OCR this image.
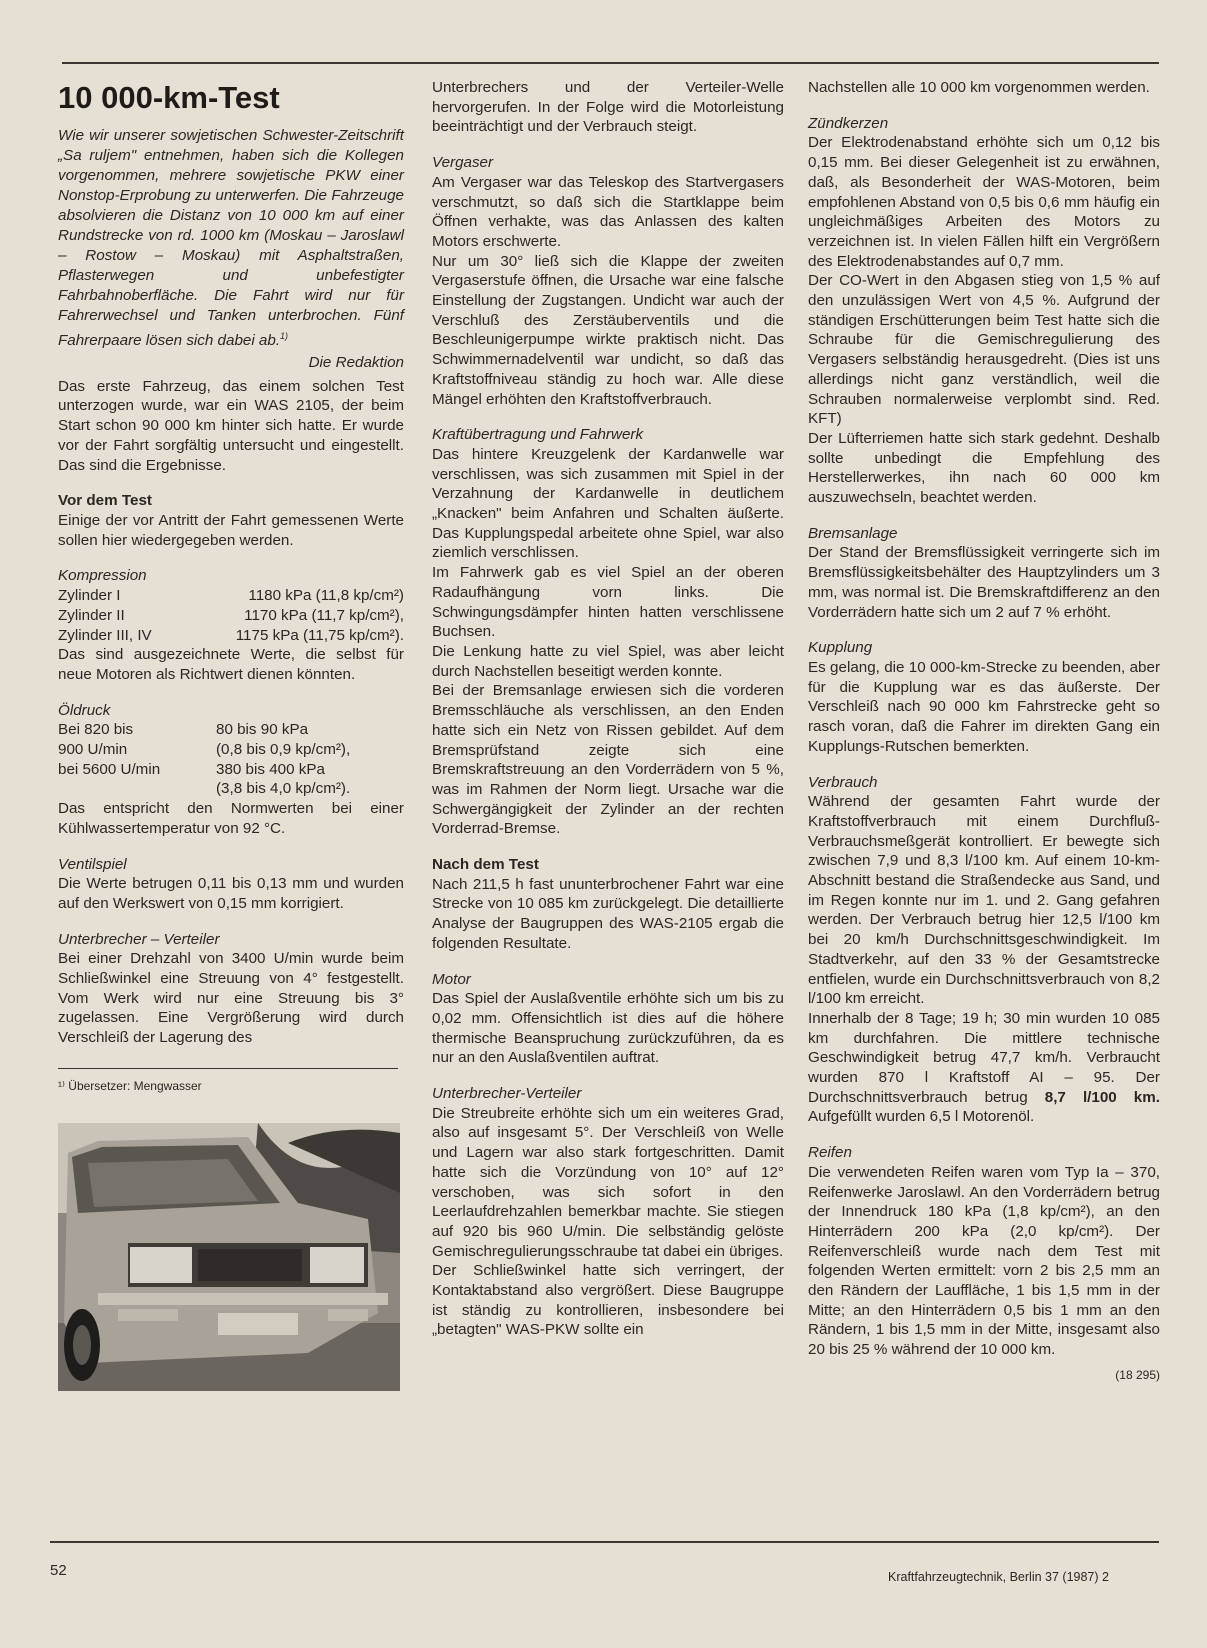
10 000-km-Test

Wie wir unserer sowjetischen Schwester-Zeitschrift „Sa ruljem" entnehmen, haben sich die Kollegen vorgenommen, mehrere sowjetische PKW einer Nonstop-Erprobung zu unterwerfen. Die Fahrzeuge absolvieren die Distanz von 10 000 km auf einer Rundstrecke von rd. 1000 km (Moskau – Jaroslawl – Rostow – Moskau) mit Asphaltstraßen, Pflasterwegen und unbefestigter Fahrbahnoberfläche. Die Fahrt wird nur für Fahrerwechsel und Tanken unterbrochen. Fünf Fahrerpaare lösen sich dabei ab.$^{1)}$

Die Redaktion

Das erste Fahrzeug, das einem solchen Test unterzogen wurde, war ein WAS 2105, der beim Start schon 90 000 km hinter sich hatte. Er wurde vor der Fahrt sorgfältig untersucht und eingestellt. Das sind die Ergebnisse.

Vor dem Test

Einige der vor Antritt der Fahrt gemessenen Werte sollen hier wiedergegeben werden.

Kompression
Zylinder I	1180 kPa (11,8 kp/cm²)
Zylinder II	1170 kPa (11,7 kp/cm²),
Zylinder III, IV	1175 kPa (11,75 kp/cm²).

Das sind ausgezeichnete Werte, die selbst für neue Motoren als Richtwert dienen könnten.

Öldruck
Bei 820 bis	80 bis 90 kPa
900 U/min	(0,8 bis 0,9 kp/cm²),
bei 5600 U/min	380 bis 400 kPa
	(3,8 bis 4,0 kp/cm²).

Das entspricht den Normwerten bei einer Kühlwassertemperatur von 92 °C.

Ventilspiel

Die Werte betrugen 0,11 bis 0,13 mm und wurden auf den Werkswert von 0,15 mm korrigiert.

Unterbrecher – Verteiler

Bei einer Drehzahl von 3400 U/min wurde beim Schließwinkel eine Streuung von 4° festgestellt. Vom Werk wird nur eine Streuung bis 3° zugelassen. Eine Vergrößerung wird durch Verschleiß der Lagerung des

¹⁾ Übersetzer: Mengwasser

Unterbrechers und der Verteiler-Welle hervorgerufen. In der Folge wird die Motorleistung beeinträchtigt und der Verbrauch steigt.

Vergaser

Am Vergaser war das Teleskop des Startvergasers verschmutzt, so daß sich die Startklappe beim Öffnen verhakte, was das Anlassen des kalten Motors erschwerte.

Nur um 30° ließ sich die Klappe der zweiten Vergaserstufe öffnen, die Ursache war eine falsche Einstellung der Zugstangen. Undicht war auch der Verschluß des Zerstäuberventils und die Beschleunigerpumpe wirkte praktisch nicht. Das Schwimmernadelventil war undicht, so daß das Kraftstoffniveau ständig zu hoch war. Alle diese Mängel erhöhten den Kraftstoffverbrauch.

Kraftübertragung und Fahrwerk

Das hintere Kreuzgelenk der Kardanwelle war verschlissen, was sich zusammen mit Spiel in der Verzahnung der Kardanwelle in deutlichem „Knacken" beim Anfahren und Schalten äußerte. Das Kupplungspedal arbeitete ohne Spiel, war also ziemlich verschlissen.

Im Fahrwerk gab es viel Spiel an der oberen Radaufhängung vorn links. Die Schwingungsdämpfer hinten hatten verschlissene Buchsen.

Die Lenkung hatte zu viel Spiel, was aber leicht durch Nachstellen beseitigt werden konnte.

Bei der Bremsanlage erwiesen sich die vorderen Bremsschläuche als verschlissen, an den Enden hatte sich ein Netz von Rissen gebildet. Auf dem Bremsprüfstand zeigte sich eine Bremskraftstreuung an den Vorderrädern von 5 %, was im Rahmen der Norm liegt. Ursache war die Schwergängigkeit der Zylinder an der rechten Vorderrad-Bremse.

Nach dem Test

Nach 211,5 h fast ununterbrochener Fahrt war eine Strecke von 10 085 km zurückgelegt. Die detaillierte Analyse der Baugruppen des WAS-2105 ergab die folgenden Resultate.

Motor

Das Spiel der Auslaßventile erhöhte sich um bis zu 0,02 mm. Offensichtlich ist dies auf die höhere thermische Beanspruchung zurückzuführen, da es nur an den Auslaßventilen auftrat.

Unterbrecher-Verteiler

Die Streubreite erhöhte sich um ein weiteres Grad, also auf insgesamt 5°. Der Verschleiß von Welle und Lagern war also stark fortgeschritten. Damit hatte sich die Vorzündung von 10° auf 12° verschoben, was sich sofort in den Leerlaufdrehzahlen bemerkbar machte. Sie stiegen auf 920 bis 960 U/min. Die selbständig gelöste Gemischregulierungsschraube tat dabei ein übriges.

Der Schließwinkel hatte sich verringert, der Kontaktabstand also vergrößert. Diese Baugruppe ist ständig zu kontrollieren, insbesondere bei „betagten" WAS-PKW sollte ein

Nachstellen alle 10 000 km vorgenommen werden.

Zündkerzen

Der Elektrodenabstand erhöhte sich um 0,12 bis 0,15 mm. Bei dieser Gelegenheit ist zu erwähnen, daß, als Besonderheit der WAS-Motoren, beim empfohlenen Abstand von 0,5 bis 0,6 mm häufig ein ungleichmäßiges Arbeiten des Motors zu verzeichnen ist. In vielen Fällen hilft ein Vergrößern des Elektrodenabstandes auf 0,7 mm.

Der CO-Wert in den Abgasen stieg von 1,5 % auf den unzulässigen Wert von 4,5 %. Aufgrund der ständigen Erschütterungen beim Test hatte sich die Schraube für die Gemischregulierung des Vergasers selbständig herausgedreht. (Dies ist uns allerdings nicht ganz verständlich, weil die Schrauben normalerweise verplombt sind. Red. KFT)

Der Lüfterriemen hatte sich stark gedehnt. Deshalb sollte unbedingt die Empfehlung des Herstellerwerkes, ihn nach 60 000 km auszuwechseln, beachtet werden.

Bremsanlage

Der Stand der Bremsflüssigkeit verringerte sich im Bremsflüssigkeitsbehälter des Hauptzylinders um 3 mm, was normal ist. Die Bremskraftdifferenz an den Vorderrädern hatte sich um 2 auf 7 % erhöht.

Kupplung

Es gelang, die 10 000-km-Strecke zu beenden, aber für die Kupplung war es das äußerste. Der Verschleiß nach 90 000 km Fahrstrecke geht so rasch voran, daß die Fahrer im direkten Gang ein Kupplungs-Rutschen bemerkten.

Verbrauch

Während der gesamten Fahrt wurde der Kraftstoffverbrauch mit einem Durchfluß-Verbrauchsmeßgerät kontrolliert. Er bewegte sich zwischen 7,9 und 8,3 l/100 km. Auf einem 10-km-Abschnitt bestand die Straßendecke aus Sand, und im Regen konnte nur im 1. und 2. Gang gefahren werden. Der Verbrauch betrug hier 12,5 l/100 km bei 20 km/h Durchschnittsgeschwindigkeit. Im Stadtverkehr, auf den 33 % der Gesamtstrecke entfielen, wurde ein Durchschnittsverbrauch von 8,2 l/100 km erreicht.

Innerhalb der 8 Tage; 19 h; 30 min wurden 10 085 km durchfahren. Die mittlere technische Geschwindigkeit betrug 47,7 km/h. Verbraucht wurden 870 l Kraftstoff AI – 95. Der Durchschnittsverbrauch betrug 8,7 l/100 km. Aufgefüllt wurden 6,5 l Motorenöl.

Reifen

Die verwendeten Reifen waren vom Typ Ia – 370, Reifenwerke Jaroslawl. An den Vorderrädern betrug der Innendruck 180 kPa (1,8 kp/cm²), an den Hinterrädern 200 kPa (2,0 kp/cm²). Der Reifenverschleiß wurde nach dem Test mit folgenden Werten ermittelt: vorn 2 bis 2,5 mm an den Rändern der Lauffläche, 1 bis 1,5 mm in der Mitte; an den Hinterrädern 0,5 bis 1 mm an den Rändern, 1 bis 1,5 mm in der Mitte, insgesamt also 20 bis 25 % während der 10 000 km.

(18 295)
52	Kraftfahrzeugtechnik, Berlin 37 (1987) 2
